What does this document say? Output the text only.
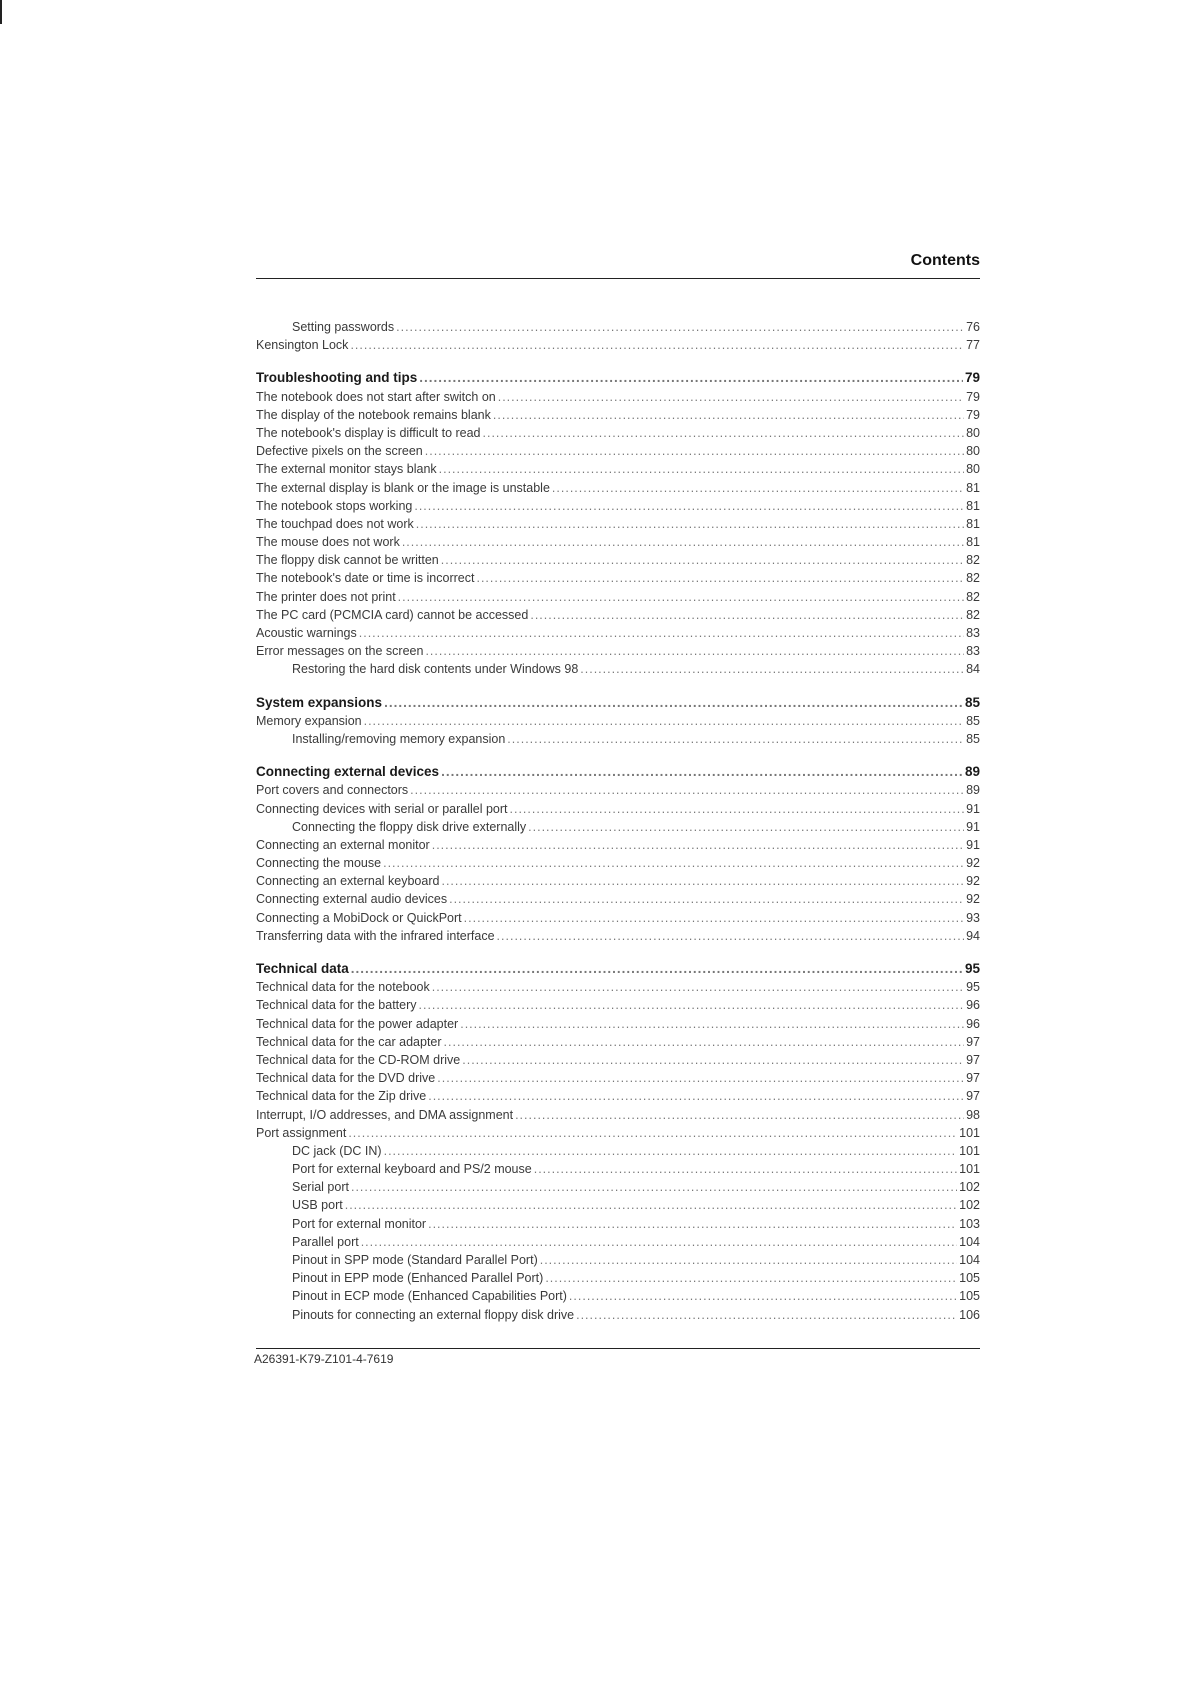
Contents
Setting passwords .....	76
Kensington Lock .....	77
Troubleshooting and tips .....	79
The notebook does not start after switch on .....	79
The display of the notebook remains blank .....	79
The notebook's display is difficult to read .....	80
Defective pixels on the screen .....	80
The external monitor stays blank .....	80
The external display is blank or the image is unstable .....	81
The notebook stops working .....	81
The touchpad does not work .....	81
The mouse does not work .....	81
The floppy disk cannot be written .....	82
The notebook's date or time is incorrect .....	82
The printer does not print .....	82
The PC card (PCMCIA card) cannot be accessed .....	82
Acoustic warnings .....	83
Error messages on the screen .....	83
Restoring the hard disk contents under Windows 98 .....	84
System expansions .....	85
Memory expansion .....	85
Installing/removing memory expansion .....	85
Connecting external devices .....	89
Port covers and connectors .....	89
Connecting devices with serial or parallel port .....	91
Connecting the floppy disk drive externally .....	91
Connecting an external monitor .....	91
Connecting the mouse .....	92
Connecting an external keyboard .....	92
Connecting external audio devices .....	92
Connecting a MobiDock or QuickPort .....	93
Transferring data with the infrared interface .....	94
Technical data .....	95
Technical data for the notebook .....	95
Technical data for the battery .....	96
Technical data for the power adapter .....	96
Technical data for the car adapter .....	97
Technical data for the CD-ROM drive .....	97
Technical data for the DVD drive .....	97
Technical data for the Zip drive .....	97
Interrupt, I/O addresses, and DMA assignment .....	98
Port assignment .....	101
DC jack (DC IN) .....	101
Port for external keyboard and PS/2 mouse .....	101
Serial port .....	102
USB port .....	102
Port for external monitor .....	103
Parallel port .....	104
Pinout in SPP mode (Standard Parallel Port) .....	104
Pinout in EPP mode (Enhanced Parallel Port) .....	105
Pinout in ECP mode (Enhanced Capabilities Port) .....	105
Pinouts for connecting an external floppy disk drive .....	106
A26391-K79-Z101-4-7619
